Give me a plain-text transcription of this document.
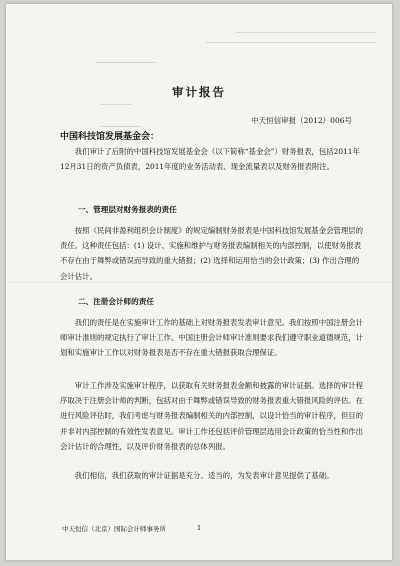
审计报告
中天恒信审报（2012）006号
中国科技馆发展基金会：

我们审计了后附的中国科技馆发展基金会（以下简称“基金会”）财务报表，包括2011年12月31日的资产负债表，2011年度的业务活动表、现金流量表以及财务报表附注。

一、管理层对财务报表的责任

按照《民间非盈利组织会计制度》的规定编制财务报表是中国科技馆发展基金会管理层的责任。这种责任包括：(1) 设计、实施和维护与财务报表编制相关的内部控制，以使财务报表不存在由于舞弊或错误而导致的重大错报；(2) 选择和运用恰当的会计政策；(3) 作出合理的会计估计。

二、注册会计师的责任

我们的责任是在实施审计工作的基础上对财务报表发表审计意见。我们按照中国注册会计师审计准则的规定执行了审计工作。中国注册会计师审计准则要求我们遵守职业道德规范，计划和实施审计工作以对财务报表是否不存在重大错报获取合理保证。

审计工作涉及实施审计程序，以获取有关财务报表金额和披露的审计证据。选择的审计程序取决于注册会计师的判断，包括对由于舞弊或错误导致的财务报表重大错报风险的评估。在进行风险评估时，我们考虑与财务报表编制相关的内部控制，以设计恰当的审计程序，但目的并非对内部控制的有效性发表意见。审计工作还包括评价管理层选用会计政策的恰当性和作出会计估计的合理性，以及评价财务报表的总体列报。

我们相信，我们获取的审计证据是充分、适当的，为发表审计意见提供了基础。

中天恒信（北京）国际会计师事务所	1
